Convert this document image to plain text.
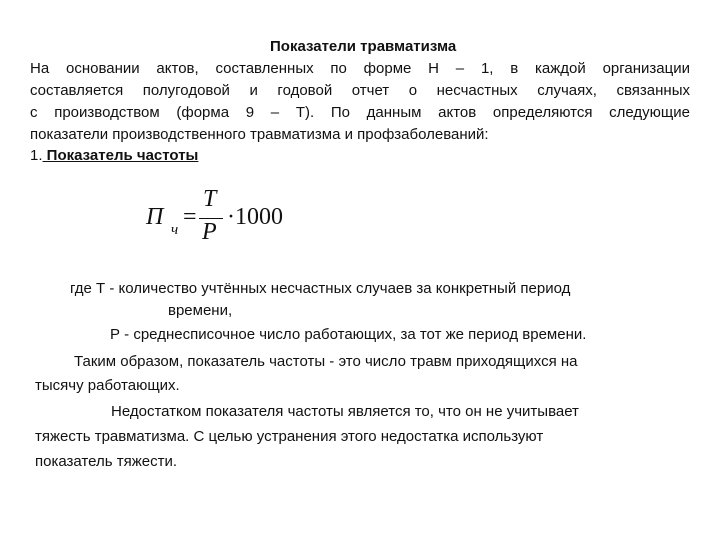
Показатели травматизма
На основании актов, составленных по форме Н – 1, в каждой организации
составляется полугодовой и годовой отчет о несчастных случаях, связанных
с производством (форма 9 – Т). По данным актов определяются следующие
показатели производственного травматизма и профзаболеваний:
1. Показатель частоты
П ч =
Т
Р
·1000
где Т - количество учтённых несчастных случаев за конкретный период
времени,
Р - среднесписочное число работающих, за тот же период времени.
Таким образом, показатель частоты - это число травм приходящихся на
тысячу работающих.
Недостатком показателя частоты является то, что он не учитывает
тяжесть травматизма. С целью устранения этого недостатка используют
показатель тяжести.
